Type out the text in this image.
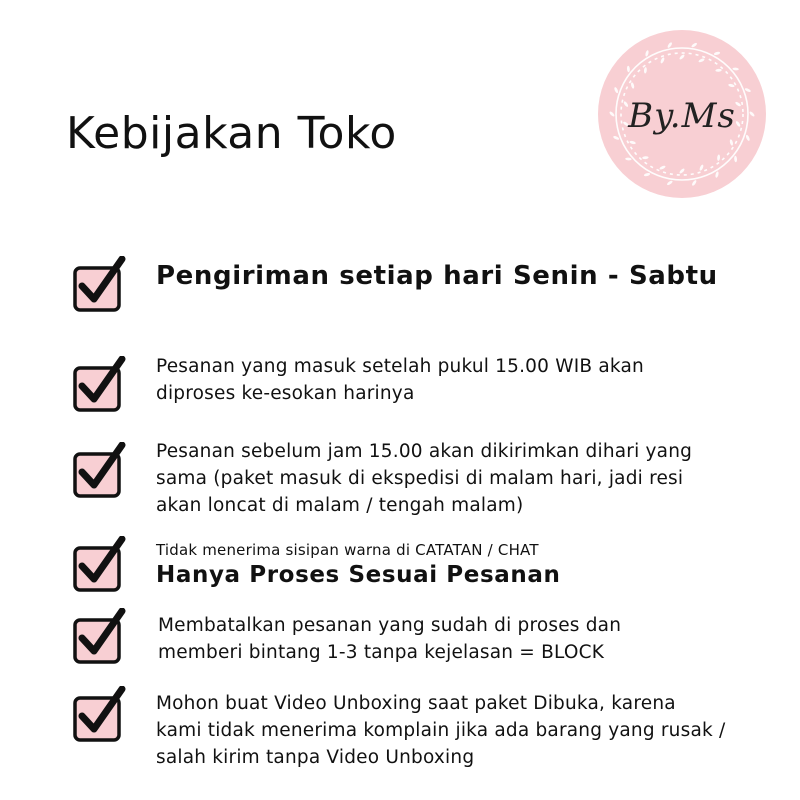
Kebijakan Toko	By.Ms
Pengiriman setiap hari Senin - Sabtu
Pesanan yang masuk setelah pukul 15.00 WIB akan diproses ke-esokan harinya
Pesanan sebelum jam 15.00 akan dikirimkan dihari yang sama (paket masuk di ekspedisi di malam hari, jadi resi akan loncat di malam / tengah malam)
Tidak menerima sisipan warna di CATATAN / CHAT
Hanya Proses Sesuai Pesanan
Membatalkan pesanan yang sudah di proses dan memberi bintang 1-3 tanpa kejelasan = BLOCK
Mohon buat Video Unboxing saat paket Dibuka, karena kami tidak menerima komplain jika ada barang yang rusak / salah kirim tanpa Video Unboxing
